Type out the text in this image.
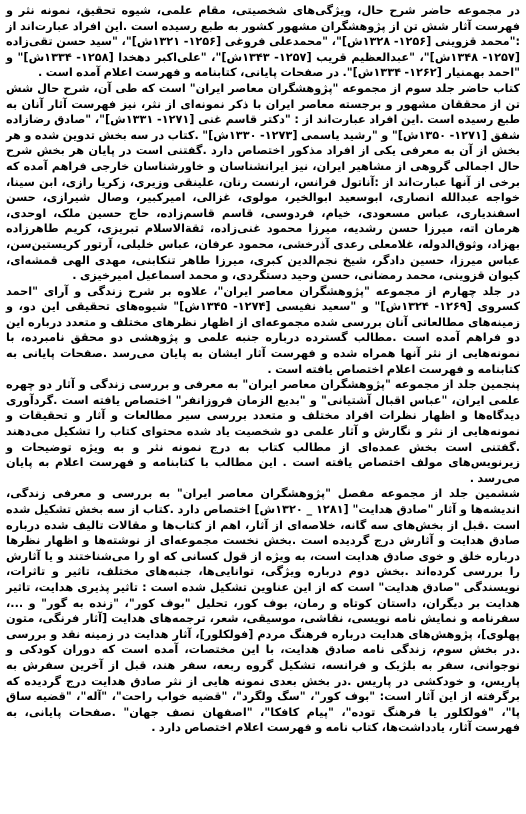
در مجموعه حاضر شرح حال، ویژگی‌های شخصیتی، مقام علمی، شیوه تحقیق، نمونه نثر و فهرست آثار شش تن از پژوهشگران مشهور کشور به طبع رسیده است .این افراد عبارت‌اند از :"محمد قزوینی [۱۲۵۶- ۱۳۲۸ش]"، "محمدعلی فروغی [۱۲۵۶- ۱۳۲۱ش]"، "سید حسن تقی‌زاده [۱۲۵۷- ۱۳۴۸ش]"، "عبدالعظیم قریب [۱۲۵۷- ۱۳۴۳ش]"، "علی‌اکبر دهخدا [۱۲۵۸- ۱۳۳۴ش]" و "احمد بهمنیار [۱۲۶۲- ۱۳۳۴ش]". در صفحات پایانی، کتابنامه و فهرست اعلام آمده است .

کتاب حاضر جلد سوم از مجموعه "پژوهشگران معاصر ایران" است که طی آن، شرح حال شش تن از محققان مشهور و برجسته معاصر ایران با ذکر نمونه‌ای از نثر، نیز فهرست آثار آنان به طبع رسیده است .این افراد عبارت‌اند از : "دکتر قاسم غنی [۱۲۷۱- ۱۳۳۱ش]"، "صادق رضازاده شفق [۱۲۷۱- ۱۳۵۰ش]" و "رشید یاسمی [۱۲۷۳- ۱۳۳۰ش]" .کتاب در سه بخش تدوین شده و هر بخش از آن به معرفی یکی از افراد مذکور اختصاص دارد .گفتنی است در پایان هر بخش شرح حال اجمالی گروهی از مشاهیر ایران، نیز ایرانشناسان و خاورشناسان خارجی فراهم آمده که برخی از آنها عبارت‌اند از :آناتول فرانس، ارنست رنان، علینقی وزیری، زکریا رازی، ابن سینا، خواجه عبدالله انصاری، ابوسعید ابوالخیر، مولوی، غزالی، امیرکبیر، وصال شیرازی، حسن اسفندیاری، عباس مسعودی، خیام، فردوسی، قاسم قاسم‌زاده، حاج حسین ملک، اوحدی، هرمان اته، میرزا حسن رشدیه، میرزا محمود غنی‌زاده، ثقةالاسلام تبریزی، کریم طاهرزاده بهزاد، وثوق‌الدوله، غلامعلی رعدی آذرخشی، محمود عرفان، عباس خلیلی، آرتور کریستین‌سن، عباس میرزا، حسین دادگر، شیخ نجم‌الدین کبری، میرزا طاهر تنکابنی، مهدی الهی قمشه‌ای، کیوان قزوینی، محمد رمضانی، حسن وحید دستگردی، و محمد اسماعیل امیرخیزی .

در جلد چهارم از مجموعه "پژوهشگران معاصر ایران"، علاوه بر شرح زندگی و آرای "احمد کسروی [۱۲۶۹- ۱۳۲۴ش]" و "سعید نفیسی [۱۲۷۴- ۱۳۴۵ش]" شیوه‌های تحقیقی این دو، و زمینه‌های مطالعاتی آنان بررسی شده مجموعه‌ای از اظهار نظرهای مختلف و متعدد درباره این دو فراهم آمده است .مطالب گسترده درباره جنبه علمی و پژوهشی دو محقق نامبرده، با نمونه‌هایی از نثر آنها همراه شده و فهرست آثار ایشان به پایان می‌رسد .صفحات پایانی به کتابنامه و فهرست اعلام اختصاص یافته است .

پنجمین جلد از مجموعه "پژوهشگران معاصر ایران" به معرفی و بررسی زندگی و آثار دو چهره علمی ایران، "عباس اقبال آشتیانی" و "بدیع الزمان فروزانفر" اختصاص یافته است .گردآوری دیدگاه‌ها و اظهار نظرات افراد مختلف و متعدد بررسی سیر مطالعات و آثار و تحقیقات و نمونه‌هایی از نثر و نگارش و آثار علمی دو شخصیت یاد شده محتوای کتاب را تشکیل می‌دهند .گفتنی است بخش عمده‌ای از مطالب کتاب به درج نمونه نثر و به ویژه توضیحات و زیرنویس‌های مولف اختصاص یافته است . این مطالب با کتابنامه و فهرست اعلام به پایان می‌رسد .

ششمین جلد از مجموعه مفصل "پژوهشگران معاصر ایران" به بررسی و معرفی زندگی، اندیشه‌ها و آثار "صادق هدایت" [۱۲۸۱ _ ۱۳۲۰ش] اختصاص دارد .کتاب از سه بخش تشکیل شده است .قبل از بخش‌های سه گانه، خلاصه‌ای از آثار، اهم از کتاب‌ها و مقالات تالیف شده درباره صادق هدایت و آثارش درج گردیده است .بخش نخست مجموعه‌ای از نوشته‌ها و اظهار نظرها درباره خلق و خوی صادق هدایت است، به ویژه از قول کسانی که او را می‌شناختند و یا آثارش را بررسی کرده‌اند .بخش دوم درباره ویژگی، توانایی‌ها، جنبه‌های مختلف، تاثیر و تاثرات، نویسندگی "صادق هدایت" است که از این عناوین تشکیل شده است : تاثیر پذیری هدایت، تاثیر هدایت بر دیگران، داستان کوتاه و رمان، بوف کور، تحلیل "بوف کور"، "زنده به گور" و ...، سفرنامه و نمایش نامه نویسی، نقاشی، موسیقی، شعر، ترجمه‌های هدایت [آثار فرنگی، متون پهلوی]، پژوهش‌های هدایت درباره فرهنگ مردم [فولکلور]، آثار هدایت در زمینه نقد و بررسی .در بخش سوم، زندگی نامه صادق هدایت، با این مختصات، آمده است که دوران کودکی و نوجوانی، سفر به بلژیک و فرانسه، تشکیل گروه ربعه، سفر هند، قبل از آخرین سفرش به پاریس، و خودکشی در پاریس .در بخش بعدی نمونه هایی از نثر صادق هدایت درج گردیده که برگرفته از این آثار است: "بوف کور"، "سگ ولگرد"، "قضیه خواب راحت"، "آله"، "قضیه ساق پا"، "فولکلور یا فرهنگ توده"، "پیام کافکا"، "اصفهان نصف جهان" .صفحات پایانی، به فهرست آثار، یادداشت‌ها، کتاب نامه و فهرست اعلام اختصاص دارد .
